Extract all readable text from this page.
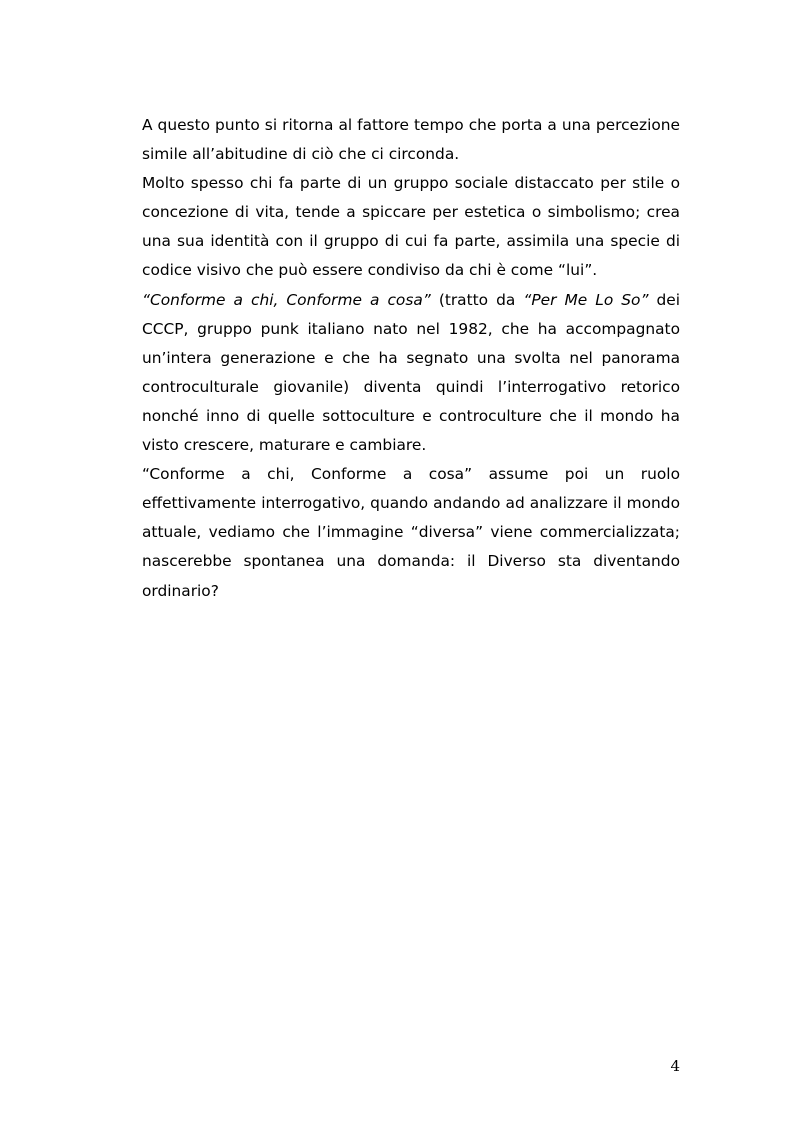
A questo punto si ritorna al fattore tempo che porta a una percezione simile all’abitudine di ciò che ci circonda.

Molto spesso chi fa parte di un gruppo sociale distaccato per stile o concezione di vita, tende a spiccare per estetica o simbolismo; crea una sua identità con il gruppo di cui fa parte, assimila una specie di codice visivo che può essere condiviso da chi è come “lui”.

“Conforme a chi, Conforme a cosa” (tratto da “Per Me Lo So” dei CCCP, gruppo punk italiano nato nel 1982, che ha accompagnato un’intera generazione e che ha segnato una svolta nel panorama controculturale giovanile) diventa quindi l’interrogativo retorico nonché inno di quelle sottoculture e controculture che il mondo ha visto crescere, maturare e cambiare.

“Conforme a chi, Conforme a cosa” assume poi un ruolo effettivamente interrogativo, quando andando ad analizzare il mondo attuale, vediamo che l’immagine “diversa” viene commercializzata; nascerebbe spontanea una domanda: il Diverso sta diventando ordinario?

4
